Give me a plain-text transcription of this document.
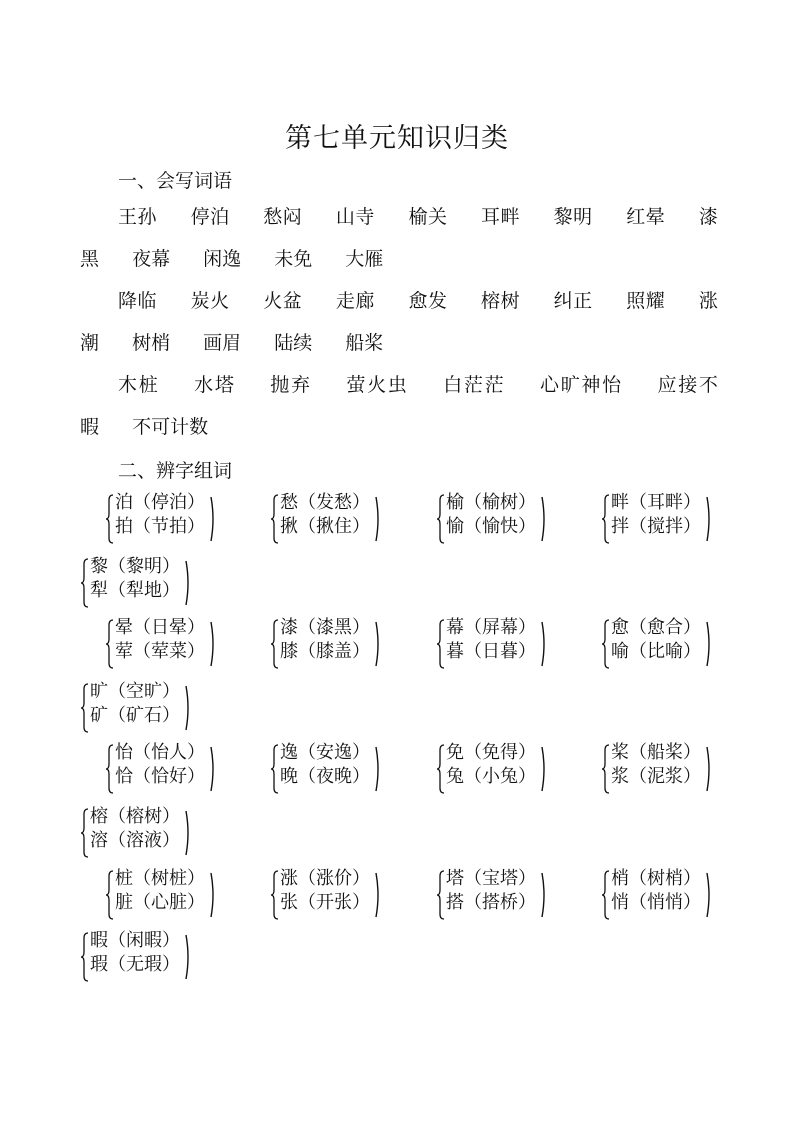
第七单元知识归类
一、会写词语
王孙 停泊 愁闷 山寺 榆关 耳畔 黎明 红晕 漆黑 夜幕 闲逸 未免 大雁
降临 炭火 火盆 走廊 愈发 榕树 纠正 照耀 涨潮 树梢 画眉 陆续 船桨
木桩 水塔 抛弃 萤火虫 白茫茫 心旷神怡 应接不暇 不可计数
二、辨字组词
泊（停泊）
拍（节拍）
愁（发愁）
揪（揪住）
榆（榆树）
愉（愉快）
畔（耳畔）
拌（搅拌）
黎（黎明）
犁（犁地）
晕（日晕）
荤（荤菜）
漆（漆黑）
膝（膝盖）
幕（屏幕）
暮（日暮）
愈（愈合）
喻（比喻）
旷（空旷）
矿（矿石）
怡（怡人）
恰（恰好）
逸（安逸）
晚（夜晚）
免（免得）
兔（小兔）
桨（船桨）
浆（泥浆）
榕（榕树）
溶（溶液）
桩（树桩）
脏（心脏）
涨（涨价）
张（开张）
塔（宝塔）
搭（搭桥）
梢（树梢）
悄（悄悄）
暇（闲暇）
瑕（无瑕）
